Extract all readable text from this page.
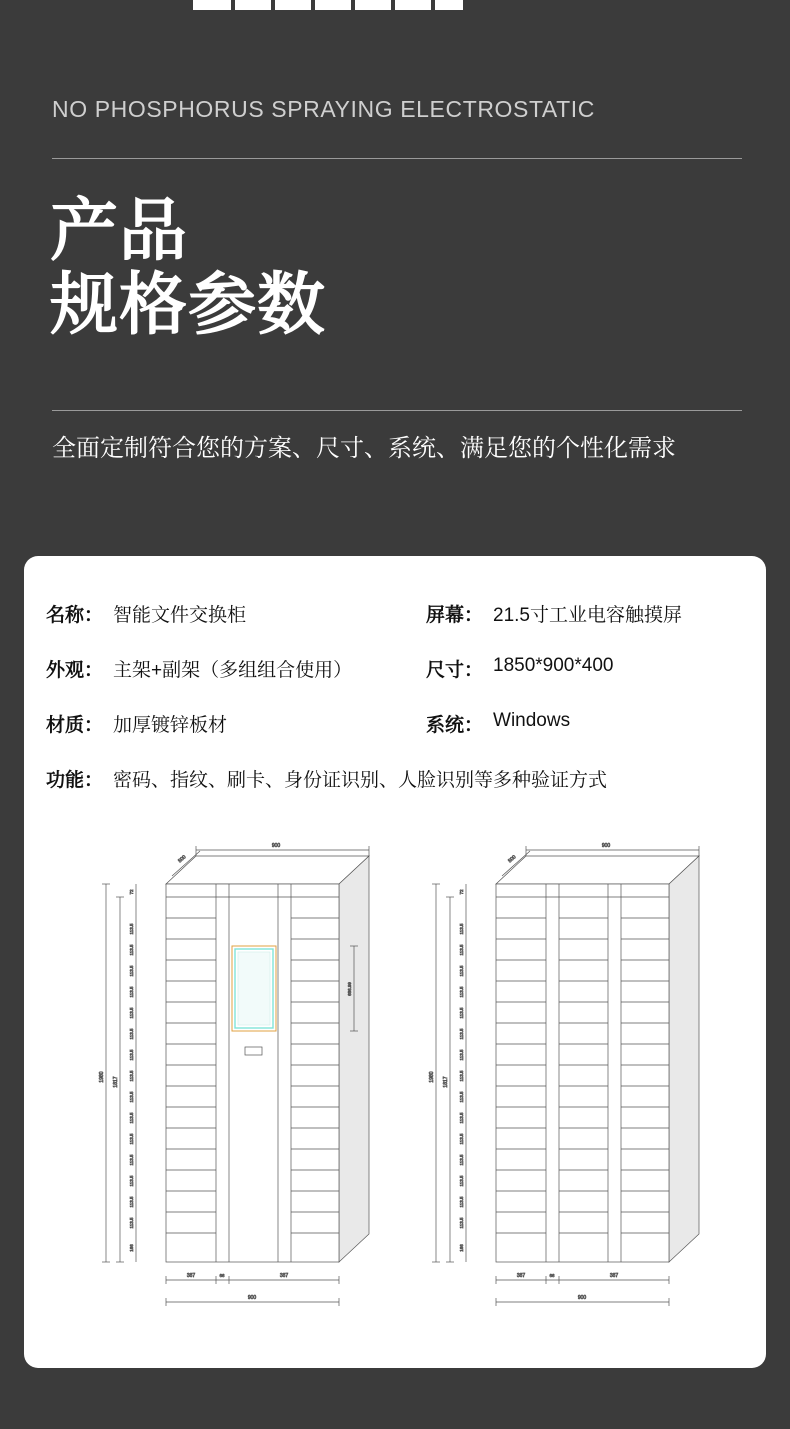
NO PHOSPHORUS SPRAYING ELECTROSTATIC
产品
规格参数
全面定制符合您的方案、尺寸、系统、满足您的个性化需求
名称： 智能文件交换柜	屏幕： 21.5寸工业电容触摸屏
外观： 主架+副架（多组组合使用）	尺寸： 1850*900*400
材质： 加厚镀锌板材	系统： Windows
功能： 密码、指纹、刷卡、身份证识别、人脸识别等多种验证方式
900
500
1980 1817
72
113.5
113.5
113.5
113.5
113.5
113.5
113.5
113.5
113.5
113.5
113.5
113.5
113.5
113.5
113.5
166
686.99
387	66	387
900
900
500
1980 1817
72
113.5
113.5
113.5
113.5
113.5
113.5
113.5
113.5
113.5
113.5
113.5
113.5
113.5
113.5
113.5
166
387	66	387
900
